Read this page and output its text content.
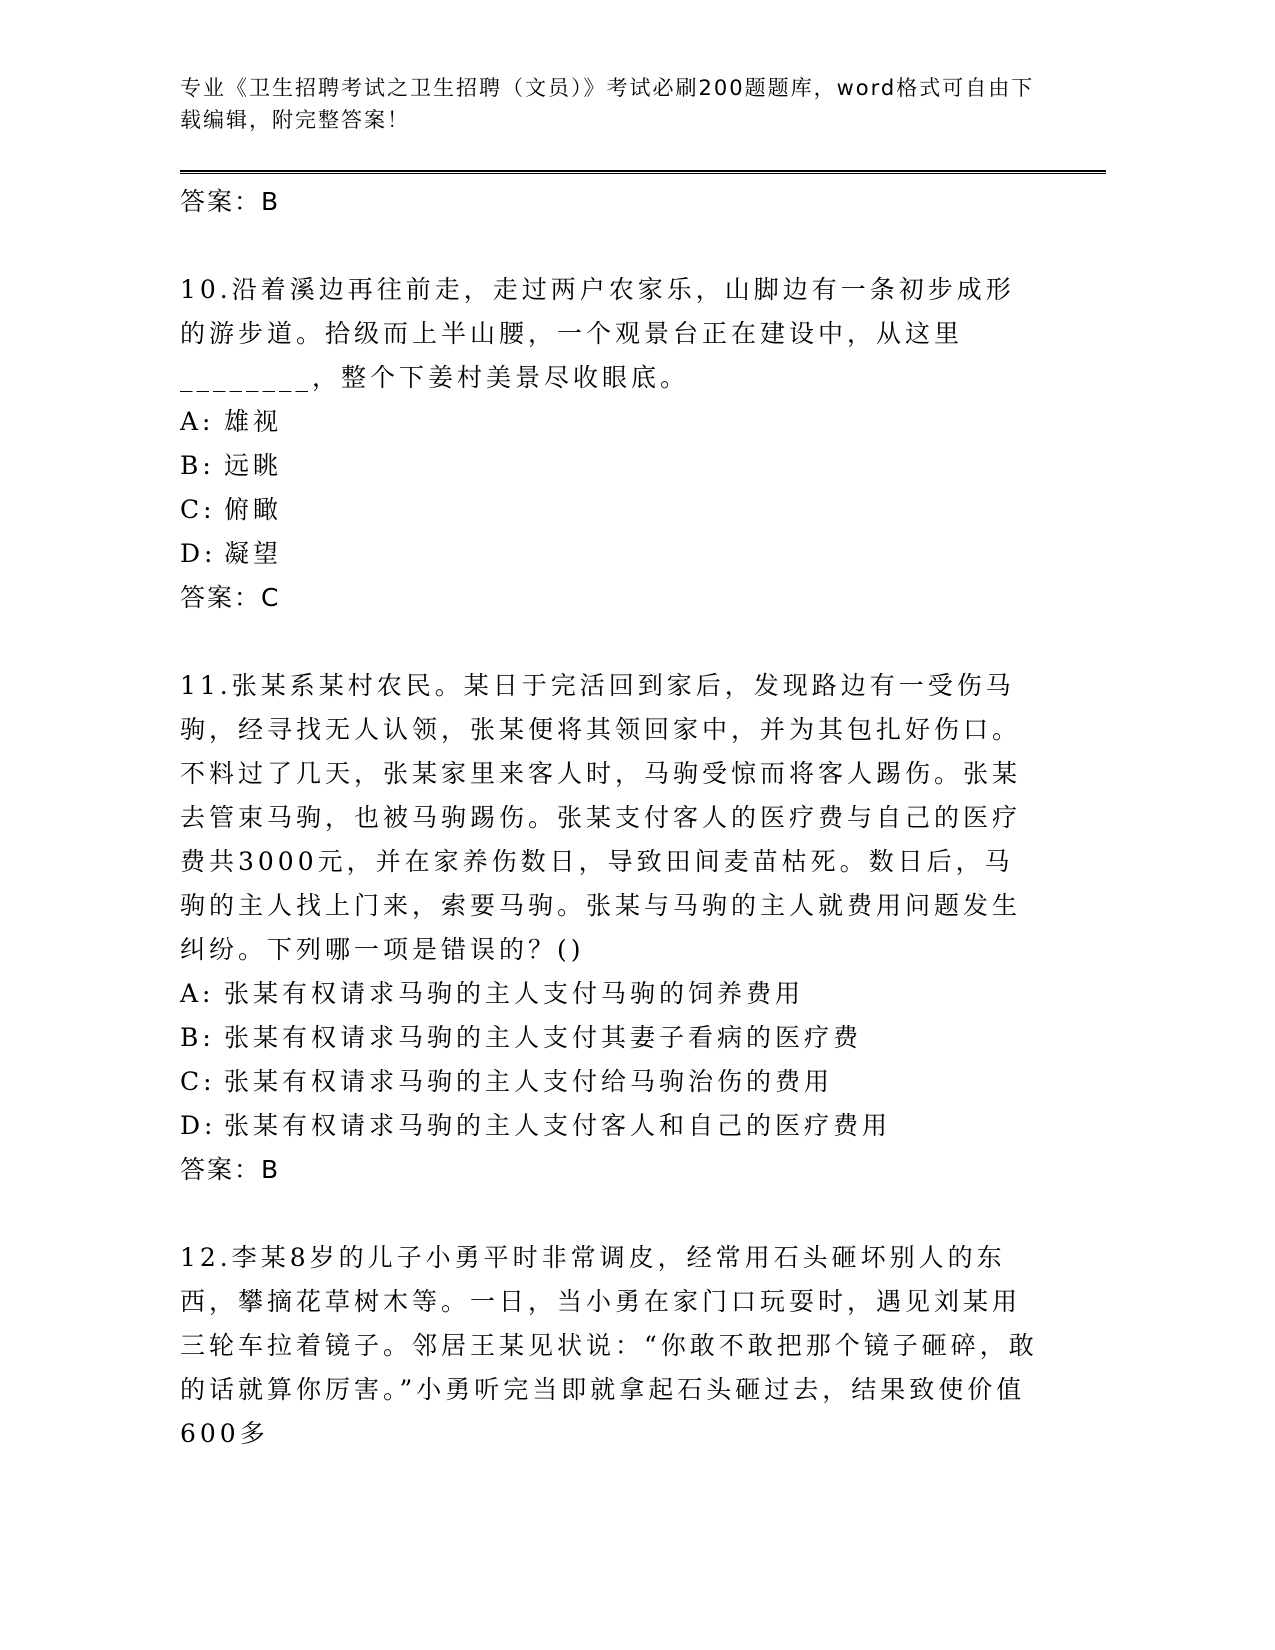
专业《卫生招聘考试之卫生招聘（文员）》考试必刷200题题库，word格式可自由下载编辑，附完整答案！

答案：B

10.沿着溪边再往前走，走过两户农家乐，山脚边有一条初步成形的游步道。拾级而上半山腰，一个观景台正在建设中，从这里________，整个下姜村美景尽收眼底。

A: 雄视

B: 远眺

C: 俯瞰

D: 凝望

答案：C

11.张某系某村农民。某日于完活回到家后，发现路边有一受伤马驹，经寻找无人认领，张某便将其领回家中，并为其包扎好伤口。不料过了几天，张某家里来客人时，马驹受惊而将客人踢伤。张某去管束马驹，也被马驹踢伤。张某支付客人的医疗费与自己的医疗费共3000元，并在家养伤数日，导致田间麦苗枯死。数日后，马驹的主人找上门来，索要马驹。张某与马驹的主人就费用问题发生纠纷。下列哪一项是错误的？()

A: 张某有权请求马驹的主人支付马驹的饲养费用

B: 张某有权请求马驹的主人支付其妻子看病的医疗费

C: 张某有权请求马驹的主人支付给马驹治伤的费用

D: 张某有权请求马驹的主人支付客人和自己的医疗费用

答案：B

12.李某8岁的儿子小勇平时非常调皮，经常用石头砸坏别人的东西，攀摘花草树木等。一日，当小勇在家门口玩耍时，遇见刘某用三轮车拉着镜子。邻居王某见状说：“你敢不敢把那个镜子砸碎，敢的话就算你厉害。”小勇听完当即就拿起石头砸过去，结果致使价值600多
